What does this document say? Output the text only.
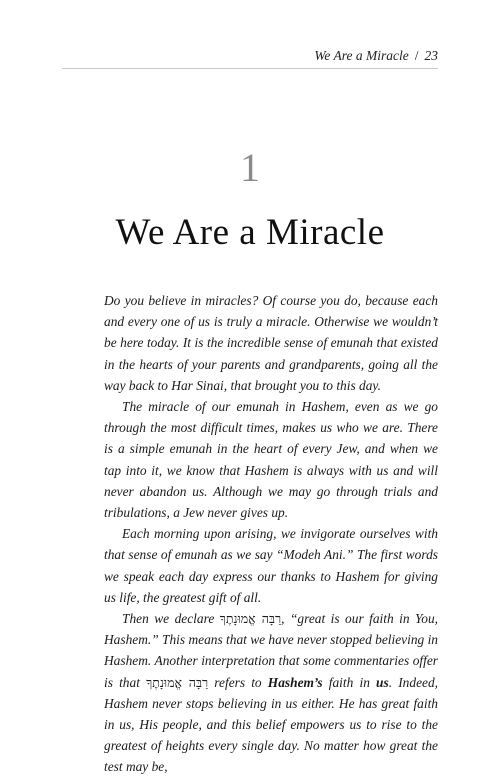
We Are a Miracle / 23
1
We Are a Miracle

Do you believe in miracles? Of course you do, because each and every one of us is truly a miracle. Otherwise we wouldn’t be here today. It is the incredible sense of emunah that existed in the hearts of your parents and grandparents, going all the way back to Har Sinai, that brought you to this day.

The miracle of our emunah in Hashem, even as we go through the most difficult times, makes us who we are. There is a simple emunah in the heart of every Jew, and when we tap into it, we know that Hashem is always with us and will never abandon us. Although we may go through trials and tribulations, a Jew never gives up.

Each morning upon arising, we invigorate ourselves with that sense of emunah as we say “Modeh Ani.” The first words we speak each day express our thanks to Hashem for giving us life, the greatest gift of all.

Then we declare רַבָּה אֱמוּנָתֶךָ, “great is our faith in You, Hashem.” This means that we have never stopped believing in Hashem. Another interpretation that some commentaries offer is that רַבָּה אֱמוּנָתֶךָ refers to Hashem’s faith in us. Indeed, Hashem never stops believing in us either. He has great faith in us, His people, and this belief empowers us to rise to the greatest of heights every single day. No matter how great the test may be,
